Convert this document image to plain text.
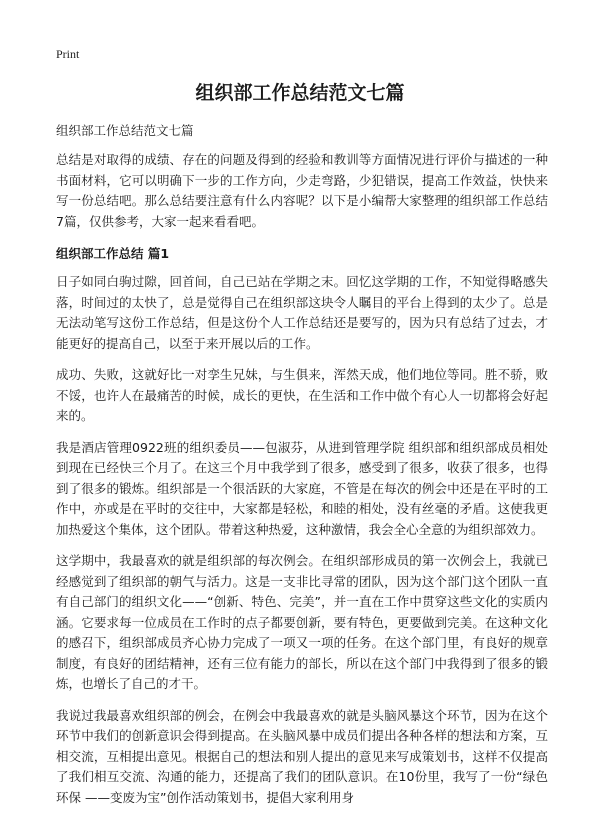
Print
组织部工作总结范文七篇
组织部工作总结范文七篇

总结是对取得的成绩、存在的问题及得到的经验和教训等方面情况进行评价与描述的一种书面材料，它可以明确下一步的工作方向，少走弯路，少犯错误，提高工作效益，快快来写一份总结吧。那么总结要注意有什么内容呢？以下是小编帮大家整理的组织部工作总结7篇，仅供参考，大家一起来看看吧。

组织部工作总结 篇1

日子如同白驹过隙，回首间，自己已站在学期之末。回忆这学期的工作，不知觉得略感失落，时间过的太快了，总是觉得自己在组织部这块令人瞩目的平台上得到的太少了。总是无法动笔写这份工作总结，但是这份个人工作总结还是要写的，因为只有总结了过去，才能更好的提高自己，以至于来开展以后的工作。

成功、失败，这就好比一对孪生兄妹，与生俱来，浑然天成，他们地位等同。胜不骄，败不馁，也许人在最痛苦的时候，成长的更快，在生活和工作中做个有心人一切都将会好起来的。

我是酒店管理0922班的组织委员——包淑芬，从进到管理学院 组织部和组织部成员相处到现在已经快三个月了。在这三个月中我学到了很多，感受到了很多，收获了很多，也得到了很多的锻炼。组织部是一个很活跃的大家庭，不管是在每次的例会中还是在平时的工作中，亦或是在平时的交往中，大家都是轻松，和睦的相处，没有丝毫的矛盾。这使我更加热爱这个集体，这个团队。带着这种热爱，这种激情，我会全心全意的为组织部效力。

这学期中，我最喜欢的就是组织部的每次例会。在组织部形成员的第一次例会上，我就已经感觉到了组织部的朝气与活力。这是一支非比寻常的团队，因为这个部门这个团队一直有自己部门的组织文化——“创新、特色、完美”，并一直在工作中贯穿这些文化的实质内涵。它要求每一位成员在工作时的点子都要创新，要有特色，更要做到完美。在这种文化的感召下，组织部成员齐心协力完成了一项又一项的任务。在这个部门里，有良好的规章制度，有良好的团结精神，还有三位有能力的部长，所以在这个部门中我得到了很多的锻炼，也增长了自己的才干。

我说过我最喜欢组织部的例会，在例会中我最喜欢的就是头脑风暴这个环节，因为在这个环节中我们的创新意识会得到提高。在头脑风暴中成员们提出各种各样的想法和方案，互相交流，互相提出意见。根据自己的想法和别人提出的意见来写成策划书，这样不仅提高了我们相互交流、沟通的能力，还提高了我们的团队意识。在10份里，我写了一份“绿色环保 ——变废为宝”创作活动策划书，提倡大家利用身
